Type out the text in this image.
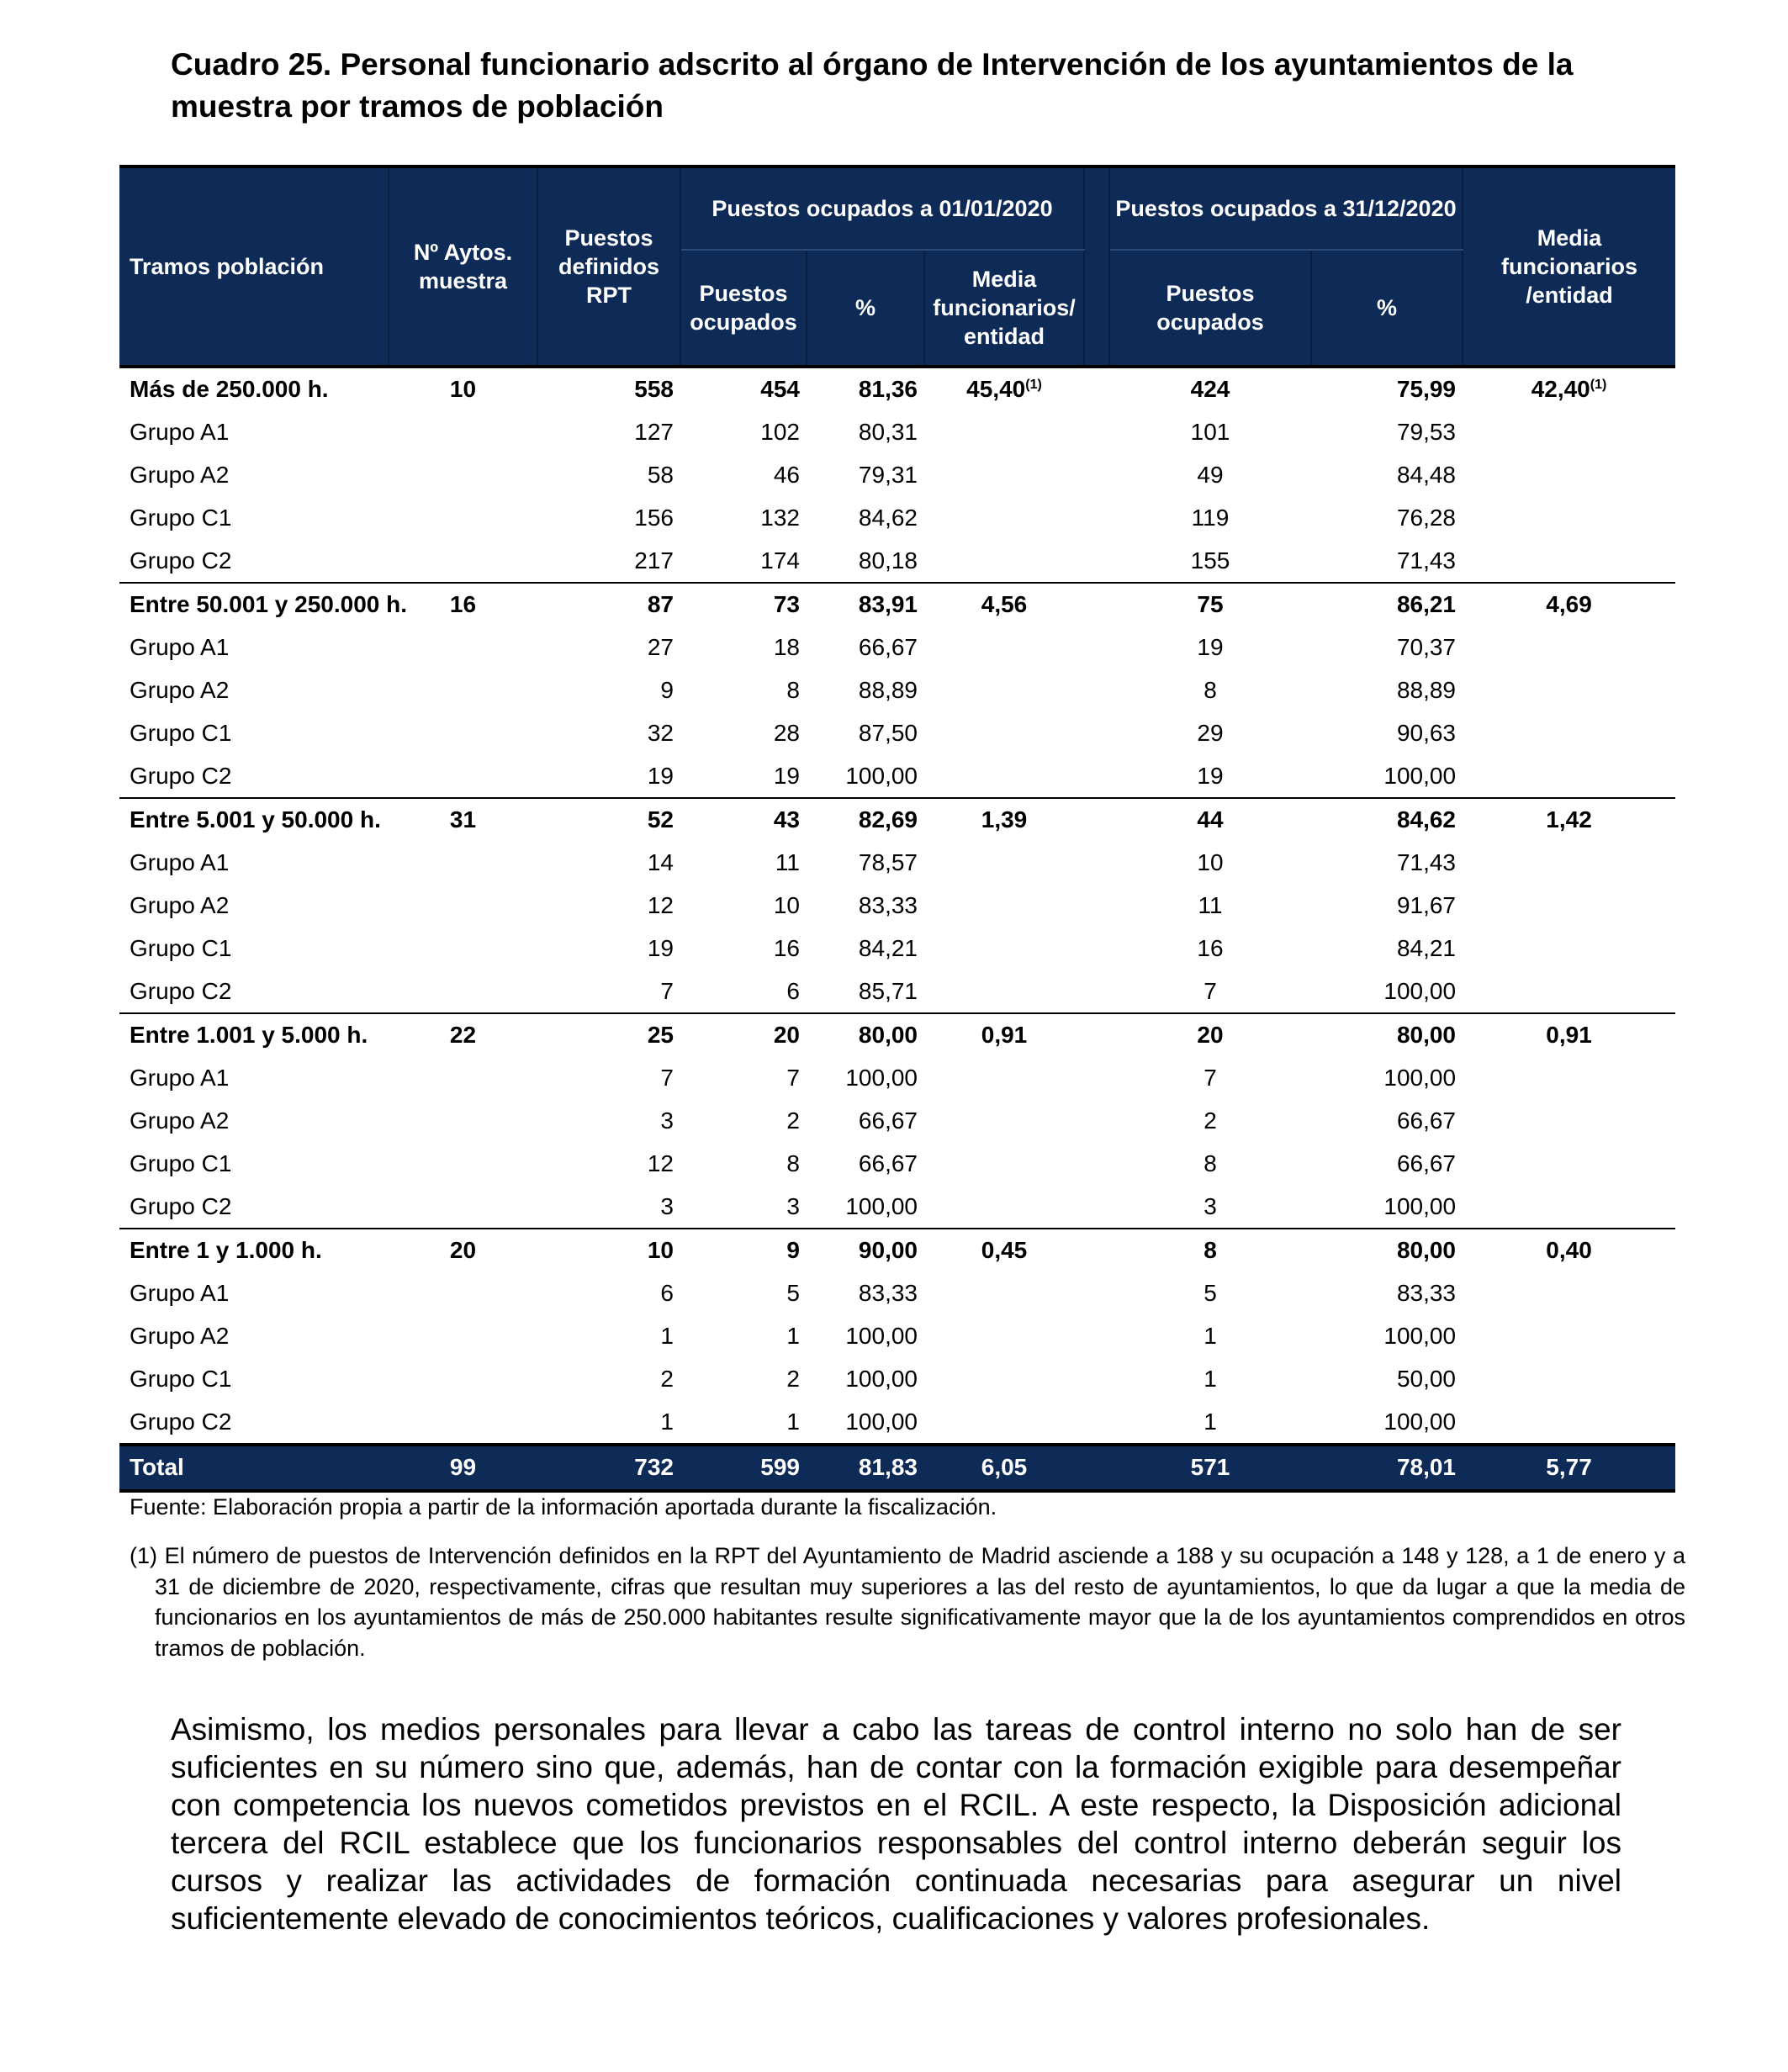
Cuadro 25. Personal funcionario adscrito al órgano de Intervención de los ayuntamientos de la muestra por tramos de población
Tramos población	Nº Aytos. muestra	Puestos definidos RPT	Puestos ocupados a 01/01/2020				Puestos ocupados a 31/12/2020		Media funcionarios /entidad
			Puestos ocupados	%	Media funcionarios/ entidad		Puestos ocupados	%	
Más de 250.000 h.	10	558	454	81,36	45,40$^{(1)}$		424	75,99	42,40$^{(1)}$
Grupo A1		127	102	80,31			101	79,53	
Grupo A2		58	46	79,31			49	84,48	
Grupo C1		156	132	84,62			119	76,28	
Grupo C2		217	174	80,18			155	71,43	
Entre 50.001 y 250.000 h.	16	87	73	83,91	4,56		75	86,21	4,69
Grupo A1		27	18	66,67			19	70,37	
Grupo A2		9	8	88,89			8	88,89	
Grupo C1		32	28	87,50			29	90,63	
Grupo C2		19	19	100,00			19	100,00	
Entre 5.001 y 50.000 h.	31	52	43	82,69	1,39		44	84,62	1,42
Grupo A1		14	11	78,57			10	71,43	
Grupo A2		12	10	83,33			11	91,67	
Grupo C1		19	16	84,21			16	84,21	
Grupo C2		7	6	85,71			7	100,00	
Entre 1.001 y 5.000 h.	22	25	20	80,00	0,91		20	80,00	0,91
Grupo A1		7	7	100,00			7	100,00	
Grupo A2		3	2	66,67			2	66,67	
Grupo C1		12	8	66,67			8	66,67	
Grupo C2		3	3	100,00			3	100,00	
Entre 1 y 1.000 h.	20	10	9	90,00	0,45		8	80,00	0,40
Grupo A1		6	5	83,33			5	83,33	
Grupo A2		1	1	100,00			1	100,00	
Grupo C1		2	2	100,00			1	50,00	
Grupo C2		1	1	100,00			1	100,00	
Total	99	732	599	81,83	6,05		571	78,01	5,77
Fuente: Elaboración propia a partir de la información aportada durante la fiscalización.
(1) El número de puestos de Intervención definidos en la RPT del Ayuntamiento de Madrid asciende a 188 y su ocupación a 148 y 128, a 1 de enero y a 31 de diciembre de 2020, respectivamente, cifras que resultan muy superiores a las del resto de ayuntamientos, lo que da lugar a que la media de funcionarios en los ayuntamientos de más de 250.000 habitantes resulte significativamente mayor que la de los ayuntamientos comprendidos en otros tramos de población.

Asimismo, los medios personales para llevar a cabo las tareas de control interno no solo han de ser suficientes en su número sino que, además, han de contar con la formación exigible para desempeñar con competencia los nuevos cometidos previstos en el RCIL. A este respecto, la Disposición adicional tercera del RCIL establece que los funcionarios responsables del control interno deberán seguir los cursos y realizar las actividades de formación continuada necesarias para asegurar un nivel suficientemente elevado de conocimientos teóricos, cualificaciones y valores profesionales.
